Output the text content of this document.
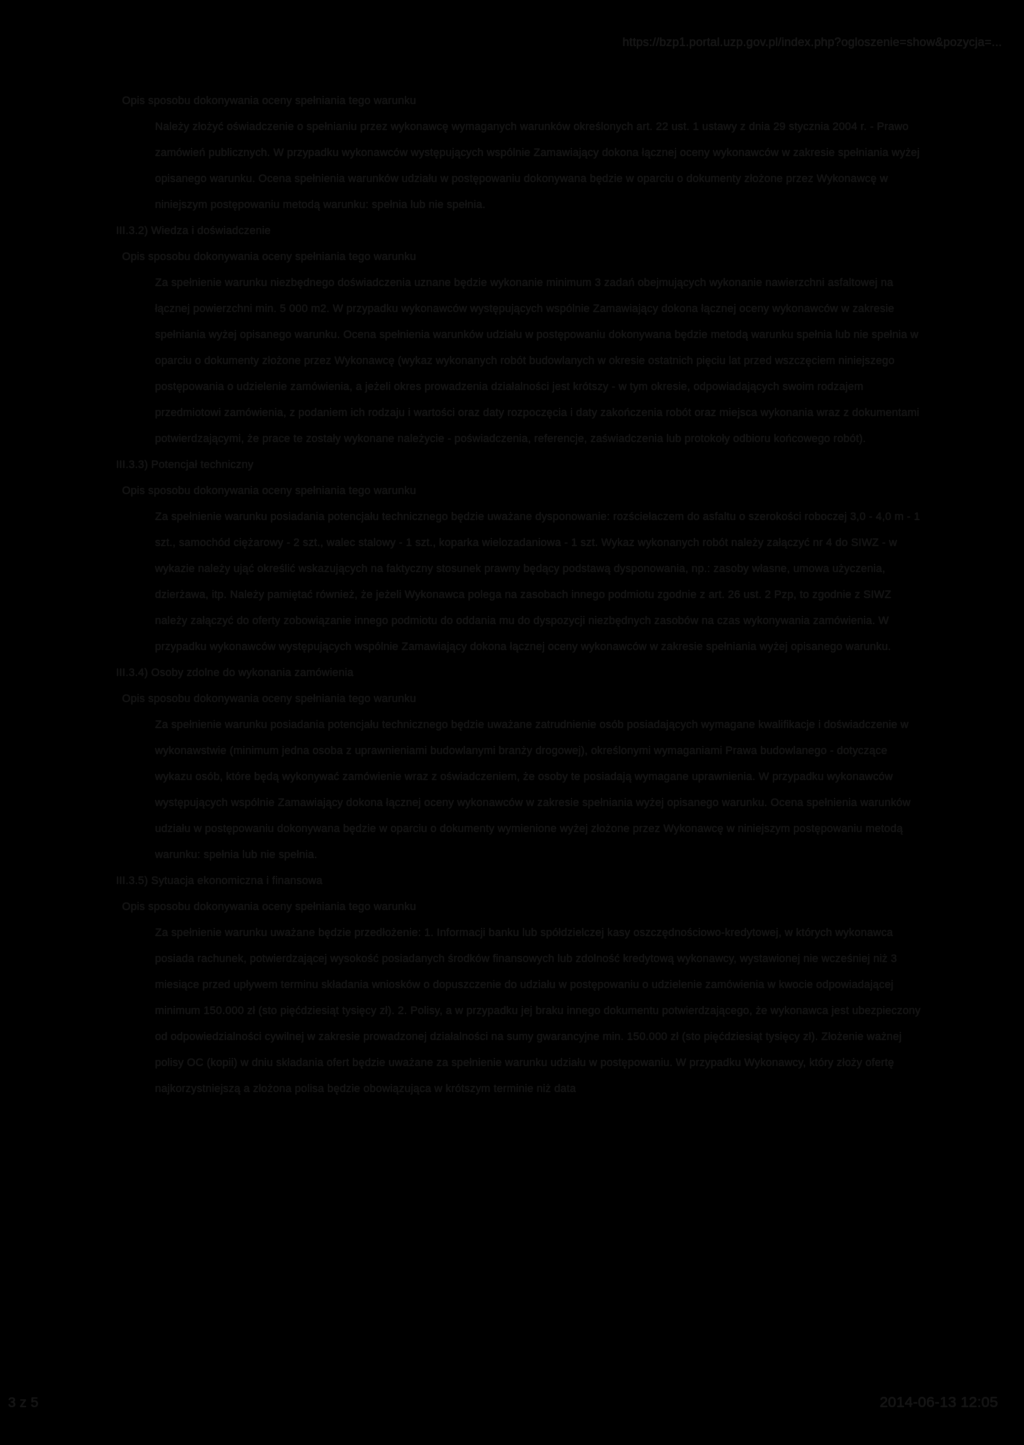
https://bzp1.portal.uzp.gov.pl/index.php?ogloszenie=show&pozycja=...
Opis sposobu dokonywania oceny spełniania tego warunku
Należy złożyć oświadczenie o spełnianiu przez wykonawcę wymaganych warunków określonych art. 22 ust. 1 ustawy z dnia 29 stycznia 2004 r. - Prawo zamówień publicznych. W przypadku wykonawców występujących wspólnie Zamawiający dokona łącznej oceny wykonawców w zakresie spełniania wyżej opisanego warunku. Ocena spełnienia warunków udziału w postępowaniu dokonywana będzie w oparciu o dokumenty złożone przez Wykonawcę w niniejszym postępowaniu metodą warunku: spełnia lub nie spełnia.
III.3.2) Wiedza i doświadczenie
Opis sposobu dokonywania oceny spełniania tego warunku
Za spełnienie warunku niezbędnego doświadczenia uznane będzie wykonanie minimum 3 zadań obejmujących wykonanie nawierzchni asfaltowej na łącznej powierzchni min. 5 000 m2. W przypadku wykonawców występujących wspólnie Zamawiający dokona łącznej oceny wykonawców w zakresie spełniania wyżej opisanego warunku. Ocena spełnienia warunków udziału w postępowaniu dokonywana będzie metodą warunku spełnia lub nie spełnia w oparciu o dokumenty złożone przez Wykonawcę (wykaz wykonanych robót budowlanych w okresie ostatnich pięciu lat przed wszczęciem niniejszego postępowania o udzielenie zamówienia, a jeżeli okres prowadzenia działalności jest krótszy - w tym okresie, odpowiadających swoim rodzajem przedmiotowi zamówienia, z podaniem ich rodzaju i wartości oraz daty rozpoczęcia i daty zakończenia robót oraz miejsca wykonania wraz z dokumentami potwierdzającymi, że prace te zostały wykonane należycie - poświadczenia, referencje, zaświadczenia lub protokoły odbioru końcowego robót).
III.3.3) Potencjał techniczny
Opis sposobu dokonywania oceny spełniania tego warunku
Za spełnienie warunku posiadania potencjału technicznego będzie uważane dysponowanie: rozściełaczem do asfaltu o szerokości roboczej 3,0 - 4,0 m - 1 szt., samochód ciężarowy - 2 szt., walec stalowy - 1 szt., koparka wielozadaniowa - 1 szt. Wykaz wykonanych robót należy załączyć nr 4 do SIWZ - w wykazie należy ująć określić wskazujących na faktyczny stosunek prawny będący podstawą dysponowania, np.: zasoby własne, umowa użyczenia, dzierżawa, itp. Należy pamiętać również, że jeżeli Wykonawca polega na zasobach innego podmiotu zgodnie z art. 26 ust. 2 Pzp, to zgodnie z SIWZ należy załączyć do oferty zobowiązanie innego podmiotu do oddania mu do dyspozycji niezbędnych zasobów na czas wykonywania zamówienia. W przypadku wykonawców występujących wspólnie Zamawiający dokona łącznej oceny wykonawców w zakresie spełniania wyżej opisanego warunku.
III.3.4) Osoby zdolne do wykonania zamówienia
Opis sposobu dokonywania oceny spełniania tego warunku
Za spełnienie warunku posiadania potencjału technicznego będzie uważane zatrudnienie osób posiadających wymagane kwalifikacje i doświadczenie w wykonawstwie (minimum jedna osoba z uprawnieniami budowlanymi branży drogowej), określonymi wymaganiami Prawa budowlanego - dotyczące wykazu osób, które będą wykonywać zamówienie wraz z oświadczeniem, że osoby te posiadają wymagane uprawnienia. W przypadku wykonawców występujących wspólnie Zamawiający dokona łącznej oceny wykonawców w zakresie spełniania wyżej opisanego warunku. Ocena spełnienia warunków udziału w postępowaniu dokonywana będzie w oparciu o dokumenty wymienione wyżej złożone przez Wykonawcę w niniejszym postępowaniu metodą warunku: spełnia lub nie spełnia.
III.3.5) Sytuacja ekonomiczna i finansowa
Opis sposobu dokonywania oceny spełniania tego warunku
Za spełnienie warunku uważane będzie przedłożenie: 1. Informacji banku lub spółdzielczej kasy oszczędnościowo-kredytowej, w których wykonawca posiada rachunek, potwierdzającej wysokość posiadanych środków finansowych lub zdolność kredytową wykonawcy, wystawionej nie wcześniej niż 3 miesiące przed upływem terminu składania wniosków o dopuszczenie do udziału w postępowaniu o udzielenie zamówienia w kwocie odpowiadającej minimum 150.000 zł (sto pięćdziesiąt tysięcy zł). 2. Polisy, a w przypadku jej braku innego dokumentu potwierdzającego, że wykonawca jest ubezpieczony od odpowiedzialności cywilnej w zakresie prowadzonej działalności na sumy gwarancyjne min. 150.000 zł (sto pięćdziesiąt tysięcy zł). Złożenie ważnej polisy OC (kopii) w dniu składania ofert będzie uważane za spełnienie warunku udziału w postępowaniu. W przypadku Wykonawcy, który złoży ofertę najkorzystniejszą a złożona polisa będzie obowiązująca w krótszym terminie niż data
3 z 5	2014-06-13 12:05
